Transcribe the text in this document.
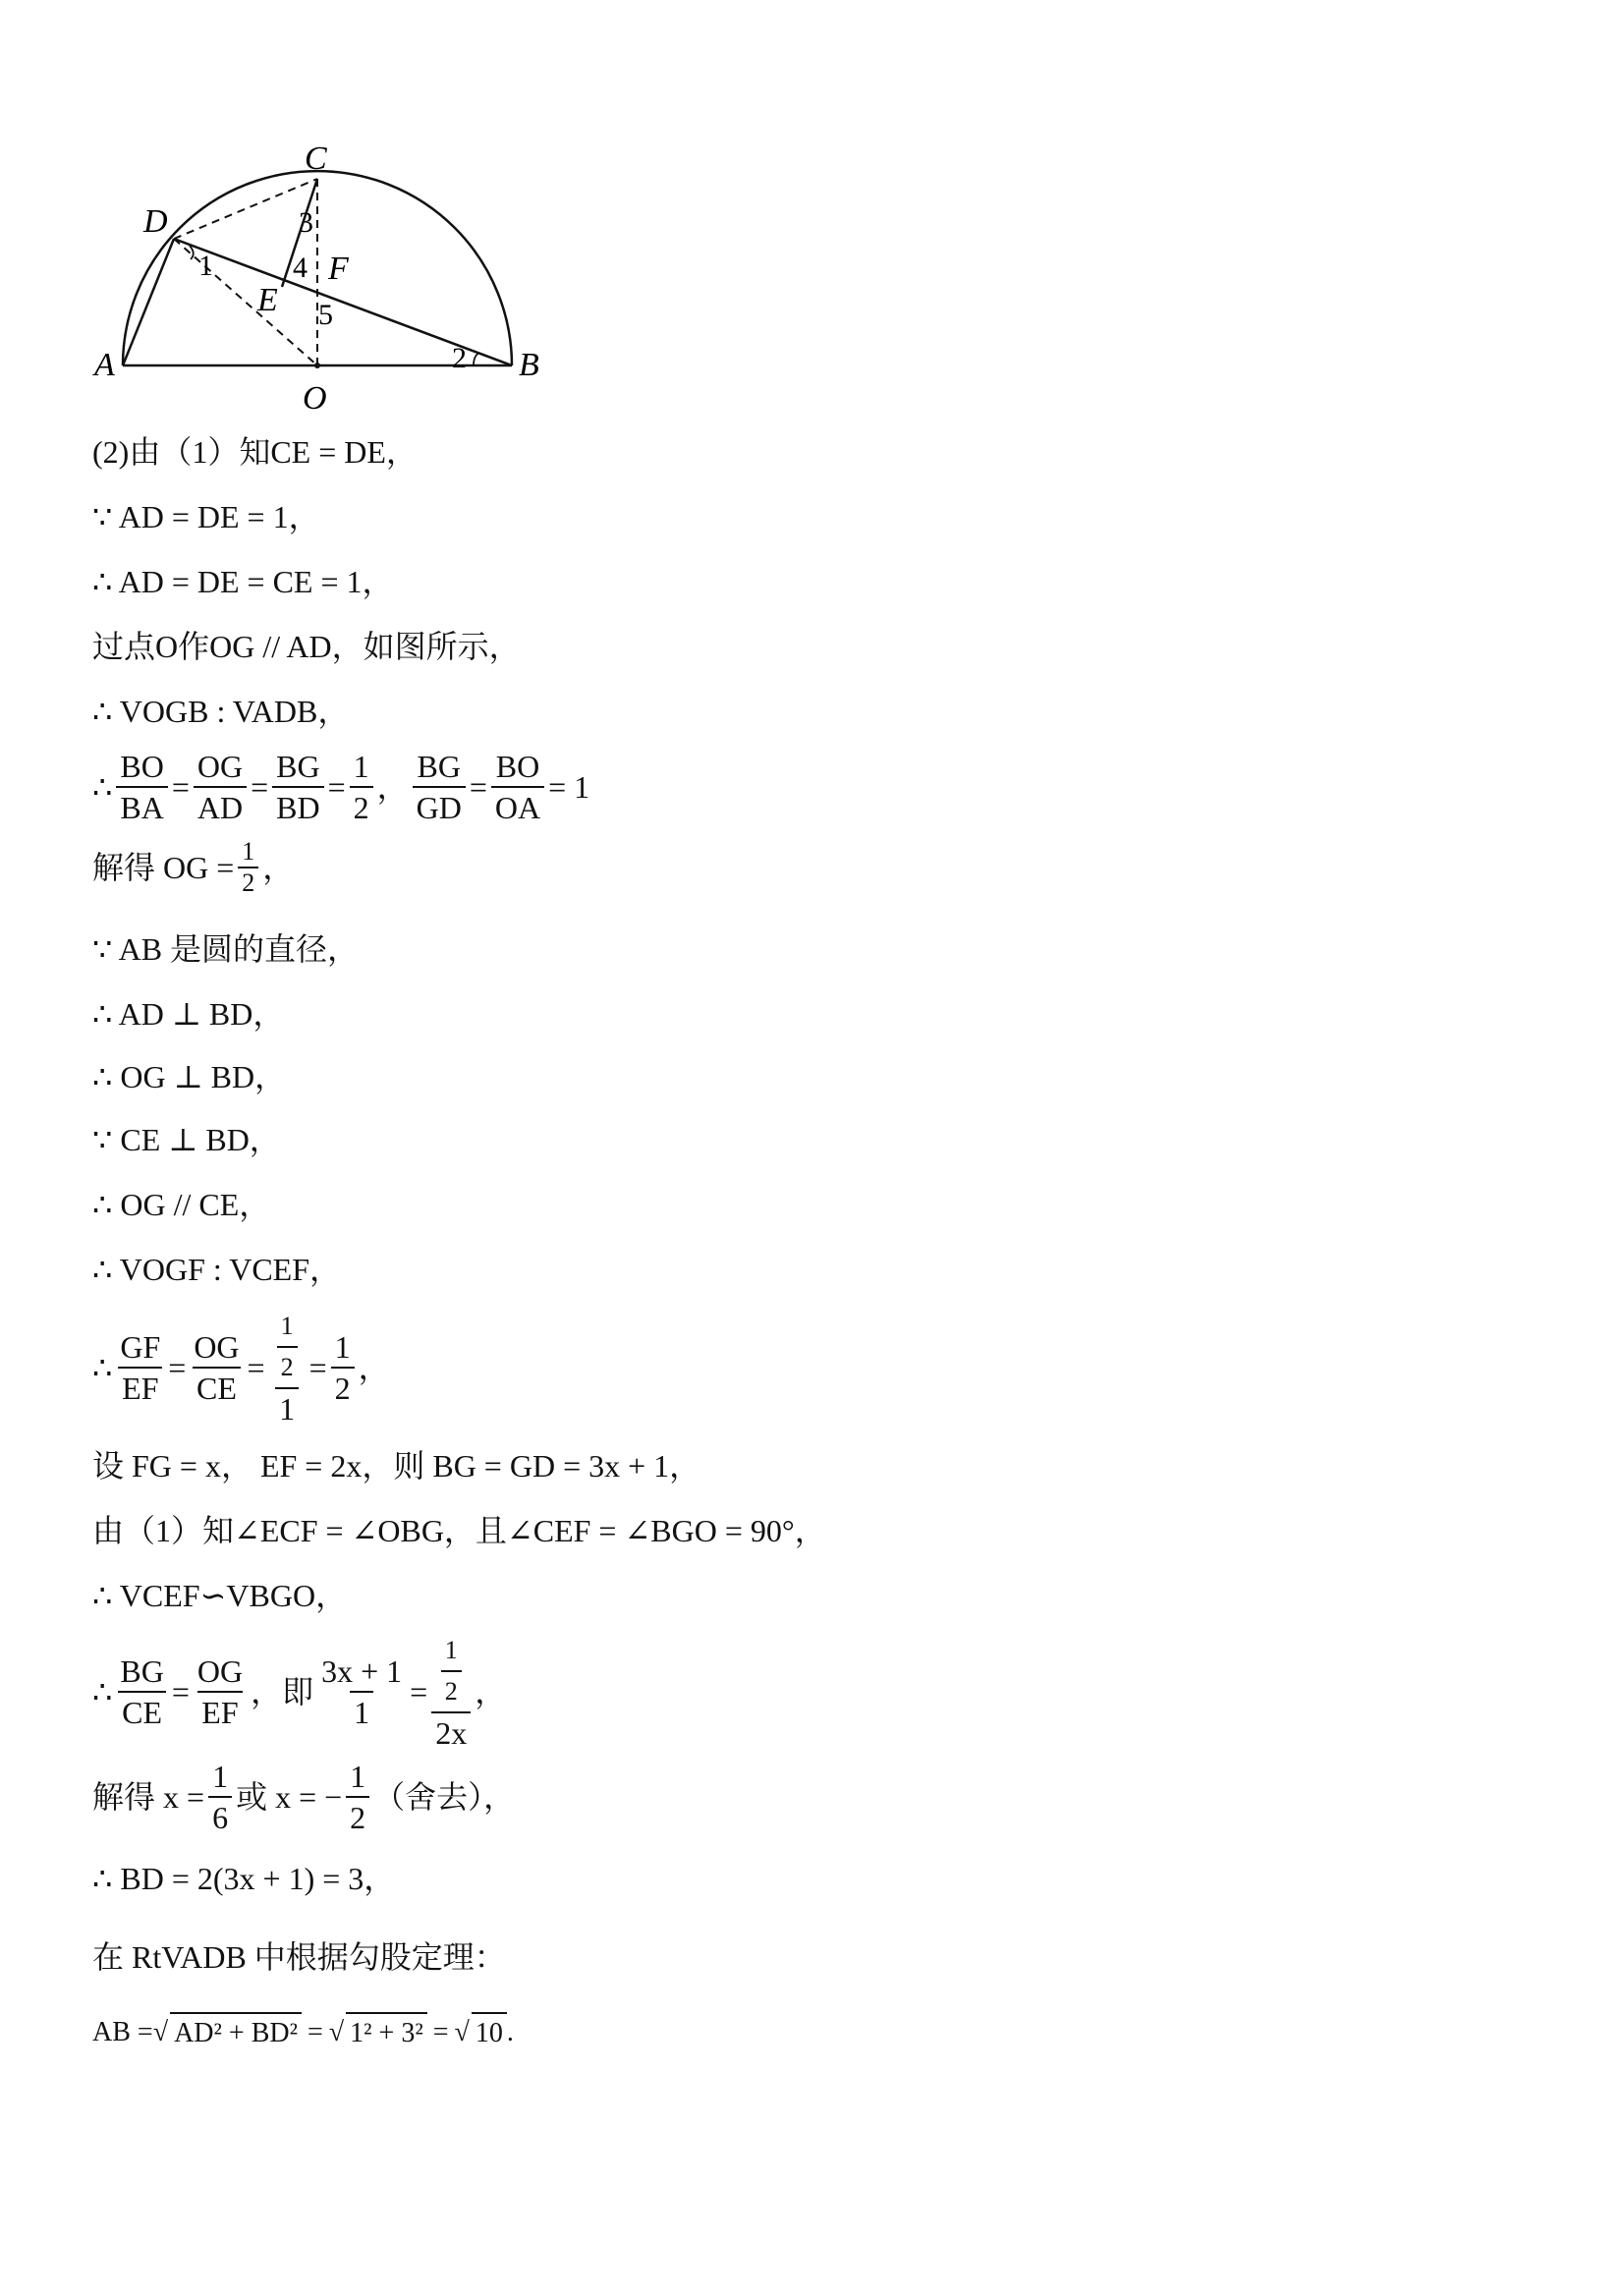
C
D
A	B
O
E
F
1
2
3
4
5
(2)由（1）知CE = DE，
∵ AD = DE = 1，
∴ AD = DE = CE = 1，
过点O作OG // AD，如图所示，
∴ VOGB : VADB，
∴ $\frac{BO}{BA} = \frac{OG}{AD} = \frac{BG}{BD} = \frac{1}{2}$ ， $\frac{BG}{GD} = \frac{BO}{OA} = 1$
解得 OG = $\frac{1}{2}$ ，
∵ AB 是圆的直径，
∴ AD ⊥ BD，
∴ OG ⊥ BD，
∵ CE ⊥ BD，
∴ OG // CE，
∴ VOGF : VCEF，
∴ $\frac{GF}{EF} = \frac{OG}{CE} = \frac{\frac{1}{2}}{1} = \frac{1}{2}$ ，
设 FG = x， EF = 2x，则 BG = GD = 3x + 1，
由（1）知∠ECF = ∠OBG，且∠CEF = ∠BGO = 90°，
∴ VCEF∽VBGO，
∴ $\frac{BG}{CE} = \frac{OG}{EF}$ ，即 $\frac{3x + 1}{1} = \frac{\frac{1}{2}}{2x}$ ，
解得 $x = \frac{1}{6}$ 或 x = − $\frac{1}{2}$ （舍去），
∴ BD = 2(3x + 1) = 3，
在 RtVADB 中根据勾股定理：
AB = √ AD² + BD² = √ 1² + 3² = √ 10 .
